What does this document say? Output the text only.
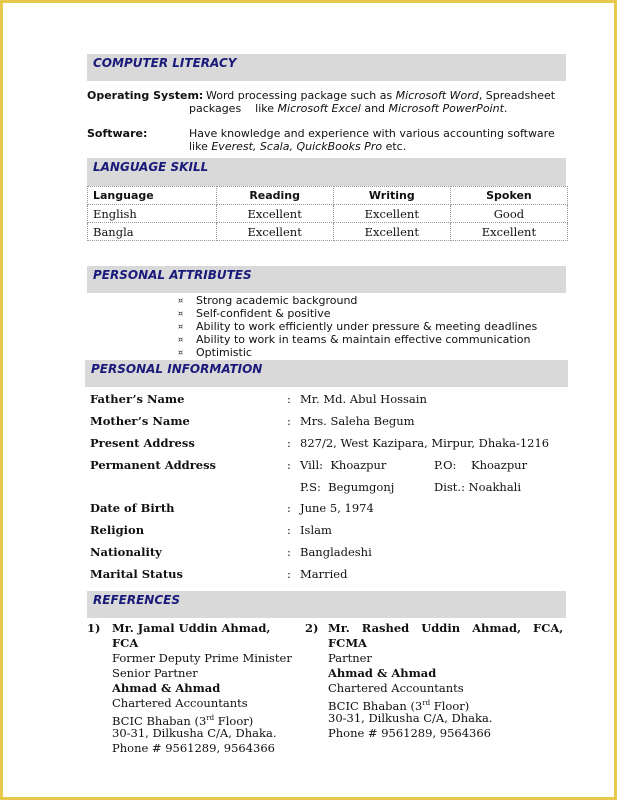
COMPUTER LITERACY
Operating System: Word processing package such as Microsoft Word, Spreadsheet
packages    like Microsoft Excel and Microsoft PowerPoint.
Software:	Have knowledge and experience with various accounting software
like Everest, Scala, QuickBooks Pro etc.
LANGUAGE SKILL
Language	Reading	Writing	Spoken
English	Excellent	Excellent	Good
Bangla	Excellent	Excellent	Excellent
PERSONAL ATTRIBUTES
¤	Strong academic background
¤	Self-confident & positive
¤	Ability to work efficiently under pressure & meeting deadlines
¤	Ability to work in teams & maintain effective communication
¤	Optimistic
PERSONAL INFORMATION
Father’s Name	: Mr. Md. Abul Hossain
Mother’s Name	: Mrs. Saleha Begum
Present Address	: 827/2, West Kazipara, Mirpur, Dhaka-1216
Permanent Address	: Vill:  Khoazpur	P.O:    Khoazpur
P.S:  Begumgonj	Dist.: Noakhali
Date of Birth	: June 5, 1974
Religion	: Islam
Nationality	: Bangladeshi
Marital Status	: Married
REFERENCES
1) Mr. Jamal Uddin Ahmad,
FCA
Former Deputy Prime Minister
Senior Partner
Ahmad & Ahmad
Chartered Accountants
BCIC Bhaban (3rd Floor)
30-31, Dilkusha C/A, Dhaka.
Phone # 9561289, 9564366
2) Mr.   Rashed   Uddin   Ahmad,   FCA,
FCMA
Partner
Ahmad & Ahmad
Chartered Accountants
BCIC Bhaban (3rd Floor)
30-31, Dilkusha C/A, Dhaka.
Phone # 9561289, 9564366
